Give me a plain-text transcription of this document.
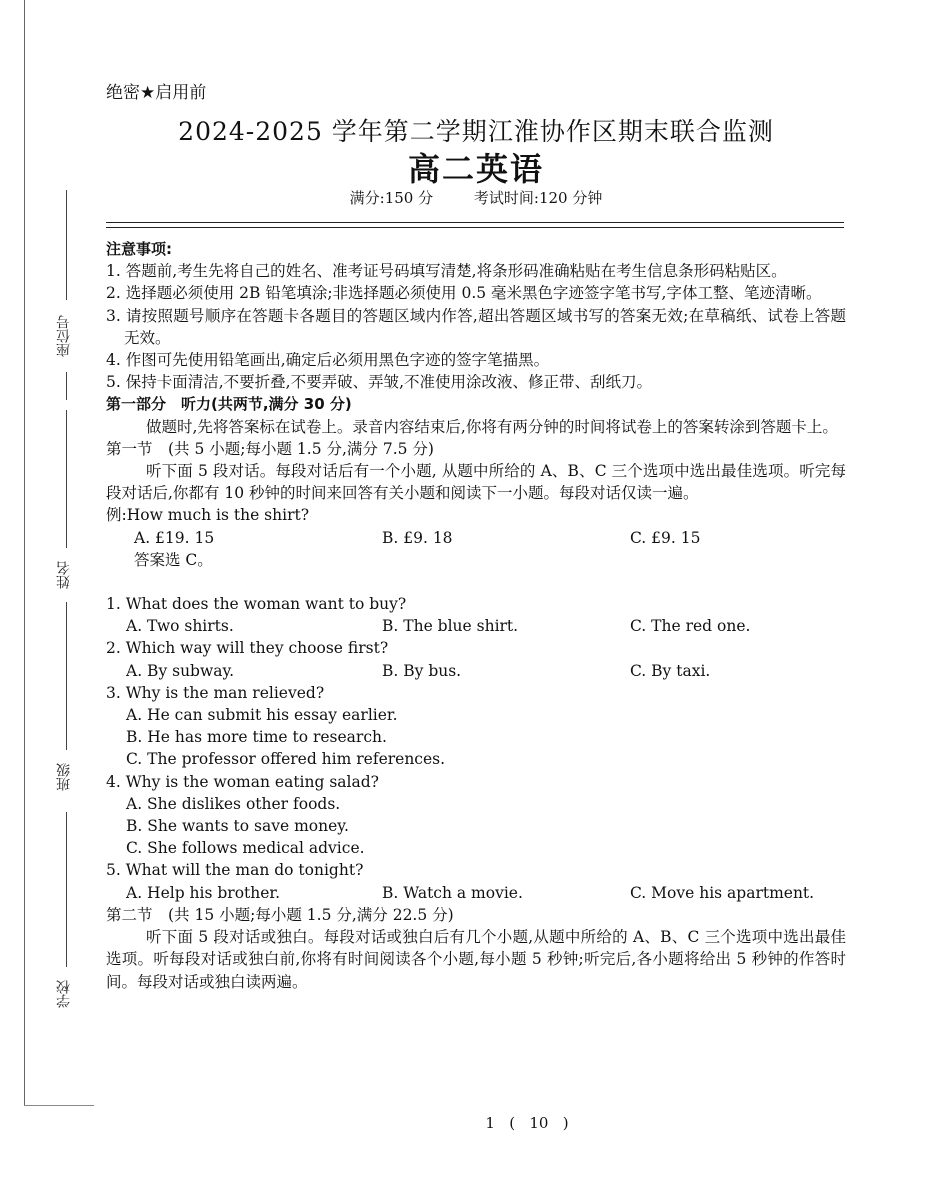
座位号
姓名
班级
学校
绝密★启用前
2024-2025 学年第二学期江淮协作区期末联合监测
高二英语
满分:150 分	考试时间:120 分钟

注意事项:

1. 答题前,考生先将自己的姓名、准考证号码填写清楚,将条形码准确粘贴在考生信息条形码粘贴区。

2. 选择题必须使用 2B 铅笔填涂;非选择题必须使用 0.5 毫米黑色字迹签字笔书写,字体工整、笔迹清晰。

3. 请按照题号顺序在答题卡各题目的答题区域内作答,超出答题区域书写的答案无效;在草稿纸、试卷上答题无效。

4. 作图可先使用铅笔画出,确定后必须用黑色字迹的签字笔描黑。

5. 保持卡面清洁,不要折叠,不要弄破、弄皱,不准使用涂改液、修正带、刮纸刀。

第一部分　听力(共两节,满分 30 分)

做题时,先将答案标在试卷上。录音内容结束后,你将有两分钟的时间将试卷上的答案转涂到答题卡上。

第一节　(共 5 小题;每小题 1.5 分,满分 7.5 分)

听下面 5 段对话。每段对话后有一个小题, 从题中所给的 A、B、C 三个选项中选出最佳选项。听完每段对话后,你都有 10 秒钟的时间来回答有关小题和阅读下一小题。每段对话仅读一遍。

例:How much is the shirt?

A. £19. 15	B. £9. 18	C. £9. 15

答案选 C。

1. What does the woman want to buy?

A. Two shirts.	B. The blue shirt.	C. The red one.

2. Which way will they choose first?

A. By subway.	B. By bus.	C. By taxi.

3. Why is the man relieved?

A. He can submit his essay earlier.

B. He has more time to research.

C. The professor offered him references.

4. Why is the woman eating salad?

A. She dislikes other foods.

B. She wants to save money.

C. She follows medical advice.

5. What will the man do tonight?

A. Help his brother.	B. Watch a movie.	C. Move his apartment.

第二节　(共 15 小题;每小题 1.5 分,满分 22.5 分)

听下面 5 段对话或独白。每段对话或独白后有几个小题,从题中所给的 A、B、C 三个选项中选出最佳选项。听每段对话或独白前,你将有时间阅读各个小题,每小题 5 秒钟;听完后,各小题将给出 5 秒钟的作答时间。每段对话或独白读两遍。

1   (   10   )
